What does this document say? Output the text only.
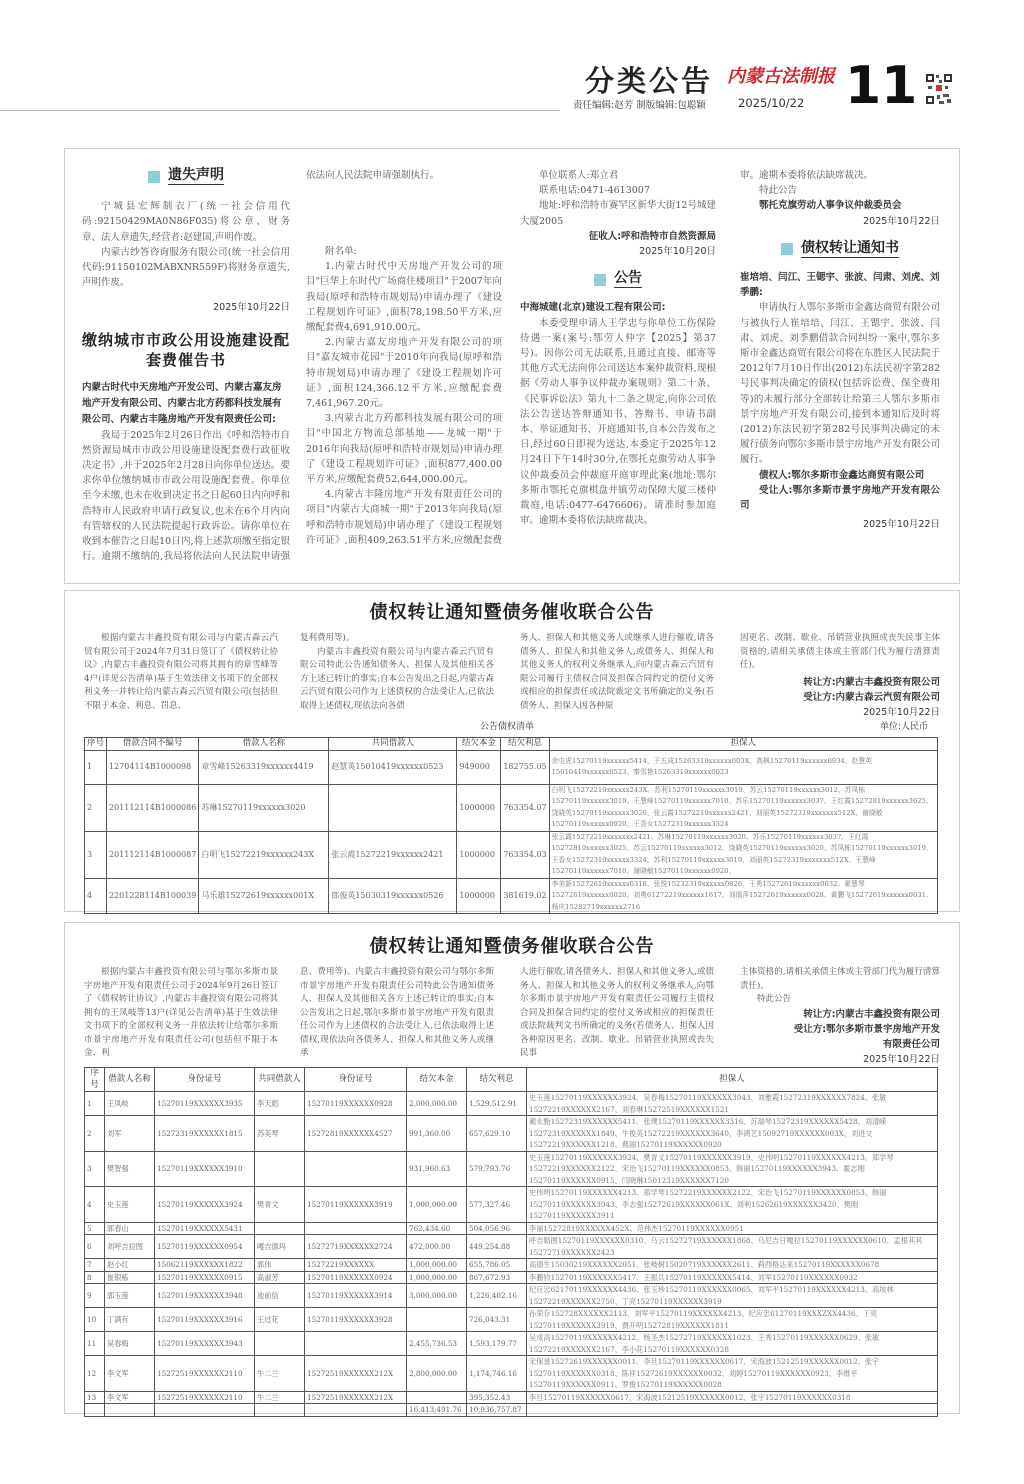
分类公告 内蒙古法制报
责任编辑:赵芳 制版编辑:包聪颖	2025/10/22 11
遗失声明

宁城县宏辉制衣厂(统一社会信用代码:92150429MA0N86F035)将公章、财务章、法人章遗失,经营者:赵建国,声明作废。

内蒙古纱答咨询服务有限公司(统一社会信用代码:91150102MABXNR559F)将财务章遗失,声明作废。

2025年10月22日
缴纳城市市政公用设施建设配套费催告书
内蒙古时代中天房地产开发公司、内蒙古嘉友房地产开发有限公司、内蒙古北方药都科技发展有限公司、内蒙古丰隆房地产开发有限责任公司:

我局于2025年2月26日作出《呼和浩特市自然资源局城市市政公用设施建设配套费行政征收决定书》,并于2025年2月28日向你单位送达。要求你单位缴纳城市市政公用设施配套费。你单位至今未缴,也未在收到决定书之日起60日内向呼和浩特市人民政府申请行政复议,也未在6个月内向有管辖权的人民法院提起行政诉讼。请你单位在收到本催告之日起10日内,将上述款项缴至指定银行。逾期不缴纳的,我局将依法向人民法院申请强

依法向人民法院申请强制执行。

附名单:

1.内蒙古时代中天房地产开发公司的项目"巨华上东时代广场商住楼项目"于2007年向我局(原呼和浩特市规划局)申请办理了《建设工程规划许可证》,面积78,198.50平方米,应缴配套费4,691,910.00元。

2.内蒙古嘉友房地产开发有限公司的项目"嘉友城市花园"于2010年向我局(原呼和浩特市规划局)申请办理了《建设工程规划许可证》,面积124,366.12平方米,应缴配套费7,461,967.20元。

3.内蒙古北方药都科技发展有限公司的项目"中国北方物流总部基地——龙城一期"于2016年向我局(原呼和浩特市规划局)申请办理了《建设工程规划许可证》,面积877,400.00平方米,应缴配套费52,644,000.00元。

4.内蒙古丰隆房地产开发有限责任公司的项目"内蒙古大商城一期"于2013年向我局(原呼和浩特市规划局)申请办理了《建设工程规划许可证》,面积409,263.51平方米,应缴配套费

单位联系人:郑立君

联系电话:0471-4613007

地址:呼和浩特市赛罕区新华大街12号城建大厦2005

征收人:呼和浩特市自然资源局
2025年10月20日
公告
中海城建(北京)建设工程有限公司:

本委受理申请人王学忠与你单位工伤保险待遇一案(案号:鄂劳人仲字【2025】第37号)。因你公司无法联系,且通过直接、邮寄等其他方式无法向你公司送达本案仲裁资料,现根据《劳动人事争议仲裁办案规则》第二十条、《民事诉讼法》第九十二条之规定,向你公司依法公告送达答辩通知书、答辩书、申请书副本、举证通知书、开庭通知书,自本公告发布之日,经过60日即视为送达,本委定于2025年12月24日下午14时30分,在鄂托克旗劳动人事争议仲裁委员会仲裁庭开庭审理此案(地址:鄂尔多斯市鄂托克旗棋盘井镇劳动保障大厦三楼仲裁庭,电话:0477-6476606)。请准时参加庭审。逾期本委将依法缺席裁决。

审。逾期本委将依法缺席裁决。

特此公告

鄂托克旗劳动人事争议仲裁委员会
2025年10月22日
债权转让通知书
崔培培、闫江、王锶宇、张波、闫肃、刘虎、刘季鹏:

申请执行人鄂尔多斯市金鑫达商贸有限公司与被执行人崔培培、闫江、王锶宇、张波、闫肃、刘虎、刘季鹏借款合同纠纷一案中,鄂尔多斯市金鑫达商贸有限公司将在东胜区人民法院于2012年7月10日作出(2012)东法民初字第282号民事判决确定的债权(包括诉讼费、保全费用等)的未履行部分全部转让给第三人鄂尔多斯市景宇房地产开发有限公司,接到本通知后及时将(2012)东法民初字第282号民事判决确定的未履行债务向鄂尔多斯市景宇房地产开发有限公司履行。

债权人:鄂尔多斯市金鑫达商贸有限公司

受让人:鄂尔多斯市景宇房地产开发有限公司

2025年10月22日
债权转让通知暨债务催收联合公告

根据内蒙古丰鑫投资有限公司与内蒙古森云汽贸有限公司于2024年7月31日签订了《债权转让协议》,内蒙古丰鑫投资有限公司将其拥有的章雪峰等4户(详见公告清单)基于生效法律文书项下的全部权利义务一并转让给内蒙古森云汽贸有限公司(包括但不限于本金、利息、罚息、

复利费用等)。

内蒙古丰鑫投资有限公司与内蒙古森云汽贸有限公司特此公告通知债务人、担保人及其他相关各方上述已转让的事实;自本公告发出之日起,内蒙古森云汽贸有限公司作为上述债权的合法受让人,已依法取得上述债权,现依法向各债

务人、担保人和其他义务人或继承人进行催收,请各债务人、担保人和其他义务人,或债务人、担保人和其他义务人的权利义务继承人,向内蒙古森云汽贸有限公司履行主债权合同及担保合同约定的偿付义务或相应的担保责任或法院裁定文书所确定的义务(若债务人、担保人因各种原

因更名、改制、歇业、吊销营业执照或丧失民事主体资格的,请相关承债主体或主管部门代为履行清算责任)。

转让方:内蒙古丰鑫投资有限公司
受让方:内蒙古森云汽贸有限公司
2025年10月22日
公告债权清单	单位:人民币
序号	借款合同不编号	借款人名称	共同借款人	结欠本金	结欠利息	担保人
1	12704114B1000098	章雪峰15263319xxxxxx4419	赵慧英15010419xxxxxx0523	949000	182755.05	余屯虎15270119xxxxxx5414、王五成15263319xxxxxx003X、高枫15270119xxxxxx0934、赵慧英15010419xxxxxx0523、秦雪艳15263319xxxxxx0023
2	201112114B1000086	苏琳15270119xxxxxx3020		1000000	763354.07	白明飞15272219xxxxxx243X、苏利15270119xxxxxx3019、苏云15270119xxxxxx3012、苏凤栋15270119xxxxxx3019、王慧峰15270119xxxxxx7010、苏乐15270119xxxxxx3037、王红霞15272819xxxxxx3025、饶晓英15270119xxxxxx3020、张云霞15272219xxxxxx2421、刘丽英15272319xxxxxxx512X、谢晓敏15270119xxxxxx0920、王香女15272319xxxxxx3324
3	201112114B1000087	白明飞15272219xxxxxx243X	张云霞15272219xxxxxx2421	1000000	763354.03	张云霞15272219xxxxxxx2421、苏琳15270119xxxxxx3020、苏乐15270119xxxxxx3037、王红霞15272819xxxxxx3025、苏云15270119xxxxxx3012、饶晓英15270119xxxxxx3020、苏凤栋15270119xxxxxx3019、王香女15272319xxxxxx3324、苏利15270119xxxxxx3019、刘丽英15272319xxxxxxx512X、王慧峰15270119xxxxxx7010、谢晓敏15270119xxxxxx0920、
4	2201228114B100039	马乐雄15272619xxxxxx001X	郎俊英15030319xxxxxx0526	1000000	381619.02	李美新15272619xxxxxx0318、张悦15232319xxxxxx0826、王勇15272619xxxxxx0032、翟慧琴15272619xxxxxx0020、刘勇61272219xxxxxx1617、刘瑞萍15272619xxxxxx0028、黄鹏飞15272619xxxxxx0031、杨庆15282719xxxxxx2716
债权转让通知暨债务催收联合公告

根据内蒙古丰鑫投资有限公司与鄂尔多斯市景宇房地产开发有限责任公司于2024年9月26日签订了《债权转让协议》,内蒙古丰鑫投资有限公司将其拥有的王凤岐等13户(详见公告清单)基于生效法律文书项下的全部权利义务一并依法转让给鄂尔多斯市景宇房地产开发有限责任公司(包括但不限于本金、利

息、费用等)。内蒙古丰鑫投资有限公司与鄂尔多斯市景宇房地产开发有限责任公司特此公告通知债务人、担保人及其他相关各方上述已转让的事实;自本公告发出之日起,鄂尔多斯市景宇房地产开发有限责任公司作为上述债权的合法受让人,已依法取得上述债权,现依法向各债务人、担保人和其他义务人或继承

人进行催收,请各债务人、担保人和其他义务人,或债务人、担保人和其他义务人的权利义务继承人,向鄂尔多斯市景宇房地产开发有限责任公司履行主债权合同及担保合同约定的偿付义务或相应的担保责任或法院裁判文书所确定的义务(若债务人、担保人因各种原因更名、改制、歇业、吊销营业执照或丧失民事

主体资格的,请相关承债主体或主管部门代为履行清算责任)。

特此公告

转让方:内蒙古丰鑫投资有限公司
受让方:鄂尔多斯市景宇房地产开发
有限责任公司
2025年10月22日
序号	借款人名称	身份证号	共同借款人	身份证号	结欠本金	结欠利息	担保人
1	王凤岐	15270119XXXXXX3935	李天彪	15270119XXXXXX0928	2,000,000.00	1,529,512.91	史玉莲15270119XXXXXX3924、吴春梅15270119XXXXXX3943、刘雅霞15272319XXXXXX7824、张敏15272219XXXXXX2167、刘春琳15272519XXXXXX1521
2	刘军	15272319XXXXXX1815	苏美琴	15272819XXXXXX4527	991,360.00	657,629.10	蔺永甄15272319XXXXXX5411、张璞15270119XXXXXX3316、苏瑞琴15272319XXXXXX5428、刘清嵘15272319XXXXXX1849、牛俊英15272219XXXXXX3640、李鸿艺15092719XXXXXX003X、刘进文15272219XXXXXX1218、燕丽15270119XXXXXX0920
3	樊智强	15270119XXXXXX3910			931,960.63	579,793.76	史玉莲15270119XXXXXX3924、樊青义15270119XXXXXX3919、史伟明15270119XXXXXX4213、郑学琴15272219XXXXXX2122、宋治飞15270119XXXXXX0853、韩丽15270119XXXXXX3943、霍志刚15270119XXXXXX0915、闫晓琳15012319XXXXXX7120
4	史玉莲	15270119XXXXXX3924	樊青文	15270119XXXXXX3919	1,000,000.00	577,327.46	史伟明15270119XXXXXX4213、郑学琴15272219XXXXXX2122、宋治飞15270119XXXXXX0853、韩丽15270119XXXXXX3943、李志强15272619XXXXXX061X、刘利15262619XXXXXX3420、樊刚15270119XXXXXX3911
5	郭春山	15270119XXXXXX5431			762,434.60	504,056.96	李丽15272819XXXXXX452X、范伟杰15270119XXXXXX0951
6	刘呼吉拉图	15270119XXXXXX0954	嘎吉德玛	15272719XXXXXX2724	472,000.00	449,254.88	呼吉勒图15270119XXXXXX0310、乌云15272719XXXXXX1868、乌尼吉日嘎拉15270119XXXXXX0610、孟根其其15272719XXXXXX2423
7	赵小红	15062119XXXXXX1822	郭伟	15272219XXXXXX	1,000,000.00	655,786.05	高德生15030219XXXXXX2051、张岐树15020719XXXXXX2611、莉西格达来15270119XXXXXX0678
8	崔银栋	15270119XXXXXX0915	高淑芳	15270119XXXXXX0924	1,000,000.00	867,672.93	李鹏钧15270119XXXXXX5417、王振兵15270119XXXXXX5414、刘军15270119XXXXXX0932
9	郭玉莲	15270119XXXXXX3948	池前信	15270119XXXXXX3914	3,000,000.00	1,226,402.16	纪应忠62170119XXXXXX4436、张玉珍15270119XXXXXX0065、刘军平15270119XXXXXX4213、高埃林15272219XXXXXX2750、丁亮15270119XXXXXX3919
10	丁满有	15270119XXXXXX3916	王过花	15270119XXXXXX3928		726,043.31	孙荣存152728XXXXXX2113、刘军平15270119XXXXXX4213、纪应忠61270119XXXZXX4436、丁亮15270119XXXXXX3919、贾开明15272819XXXXXX1811
11	吴春梅	15270119XXXXXX3943			2,455,736.53	1,593,179.77	吴成高15270119XXXXXX4212、杨圣杰15272719XXXXXX1023、王秀15270119XXXXXX0629、张敏15272219XXXXXX2167、李小花15270119XXXXXX0328
12	李文军	15272519XXXXXX2110	牛二兰	15272519XXXXXX212X	2,800,000.00	1,174,746.16	宋保垦15272619XXXXXX0011、李旦15270119XXXXXX0617、宋海波15212519XXXXXX0012、张宇15270119XXXXXX0318、陈祥15272619XXXXXX0032、刘婷15270119XXXXXX0923、李维平15270119XXXXXX0911、罗俊15270119XXXXXX0028
13	李文军	15272519XXXXXX2110	牛二兰	15272519XXXXXX212X		395,352.43	李旦15270119XXXXXX0617、宋海波15212519XXXXXX0012、张宇15270119XXXXXX0318
					16,413,491.76	10,936,757.87	
